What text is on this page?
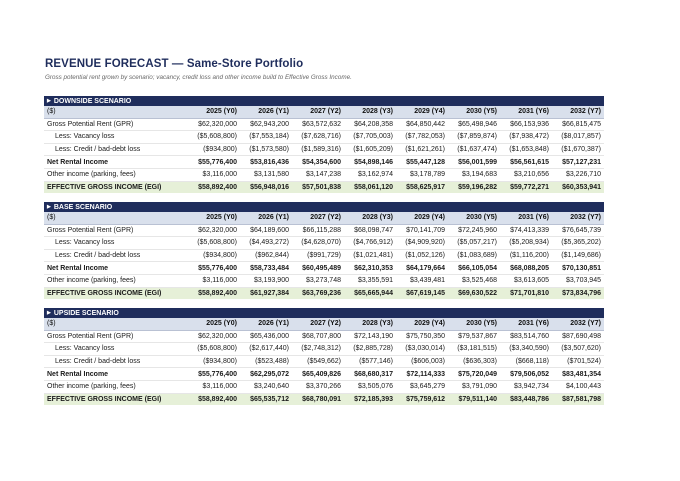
REVENUE FORECAST — Same-Store Portfolio
Gross potential rent grown by scenario; vacancy, credit loss and other income build to Effective Gross Income.
▶ DOWNSIDE SCENARIO
($)	2025 (Y0)	2026 (Y1)	2027 (Y2)	2028 (Y3)	2029 (Y4)	2030 (Y5)	2031 (Y6)	2032 (Y7)
Gross Potential Rent (GPR)	$62,320,000	$62,943,200	$63,572,632	$64,208,358	$64,850,442	$65,498,946	$66,153,936	$66,815,475
Less: Vacancy loss	($5,608,800)	($7,553,184)	($7,628,716)	($7,705,003)	($7,782,053)	($7,859,874)	($7,938,472)	($8,017,857)
Less: Credit / bad-debt loss	($934,800)	($1,573,580)	($1,589,316)	($1,605,209)	($1,621,261)	($1,637,474)	($1,653,848)	($1,670,387)
Net Rental Income	$55,776,400	$53,816,436	$54,354,600	$54,898,146	$55,447,128	$56,001,599	$56,561,615	$57,127,231
Other income (parking, fees)	$3,116,000	$3,131,580	$3,147,238	$3,162,974	$3,178,789	$3,194,683	$3,210,656	$3,226,710
EFFECTIVE GROSS INCOME (EGI)	$58,892,400	$56,948,016	$57,501,838	$58,061,120	$58,625,917	$59,196,282	$59,772,271	$60,353,941
▶ BASE SCENARIO
($)	2025 (Y0)	2026 (Y1)	2027 (Y2)	2028 (Y3)	2029 (Y4)	2030 (Y5)	2031 (Y6)	2032 (Y7)
Gross Potential Rent (GPR)	$62,320,000	$64,189,600	$66,115,288	$68,098,747	$70,141,709	$72,245,960	$74,413,339	$76,645,739
Less: Vacancy loss	($5,608,800)	($4,493,272)	($4,628,070)	($4,766,912)	($4,909,920)	($5,057,217)	($5,208,934)	($5,365,202)
Less: Credit / bad-debt loss	($934,800)	($962,844)	($991,729)	($1,021,481)	($1,052,126)	($1,083,689)	($1,116,200)	($1,149,686)
Net Rental Income	$55,776,400	$58,733,484	$60,495,489	$62,310,353	$64,179,664	$66,105,054	$68,088,205	$70,130,851
Other income (parking, fees)	$3,116,000	$3,193,900	$3,273,748	$3,355,591	$3,439,481	$3,525,468	$3,613,605	$3,703,945
EFFECTIVE GROSS INCOME (EGI)	$58,892,400	$61,927,384	$63,769,236	$65,665,944	$67,619,145	$69,630,522	$71,701,810	$73,834,796
▶ UPSIDE SCENARIO
($)	2025 (Y0)	2026 (Y1)	2027 (Y2)	2028 (Y3)	2029 (Y4)	2030 (Y5)	2031 (Y6)	2032 (Y7)
Gross Potential Rent (GPR)	$62,320,000	$65,436,000	$68,707,800	$72,143,190	$75,750,350	$79,537,867	$83,514,760	$87,690,498
Less: Vacancy loss	($5,608,800)	($2,617,440)	($2,748,312)	($2,885,728)	($3,030,014)	($3,181,515)	($3,340,590)	($3,507,620)
Less: Credit / bad-debt loss	($934,800)	($523,488)	($549,662)	($577,146)	($606,003)	($636,303)	($668,118)	($701,524)
Net Rental Income	$55,776,400	$62,295,072	$65,409,826	$68,680,317	$72,114,333	$75,720,049	$79,506,052	$83,481,354
Other income (parking, fees)	$3,116,000	$3,240,640	$3,370,266	$3,505,076	$3,645,279	$3,791,090	$3,942,734	$4,100,443
EFFECTIVE GROSS INCOME (EGI)	$58,892,400	$65,535,712	$68,780,091	$72,185,393	$75,759,612	$79,511,140	$83,448,786	$87,581,798
